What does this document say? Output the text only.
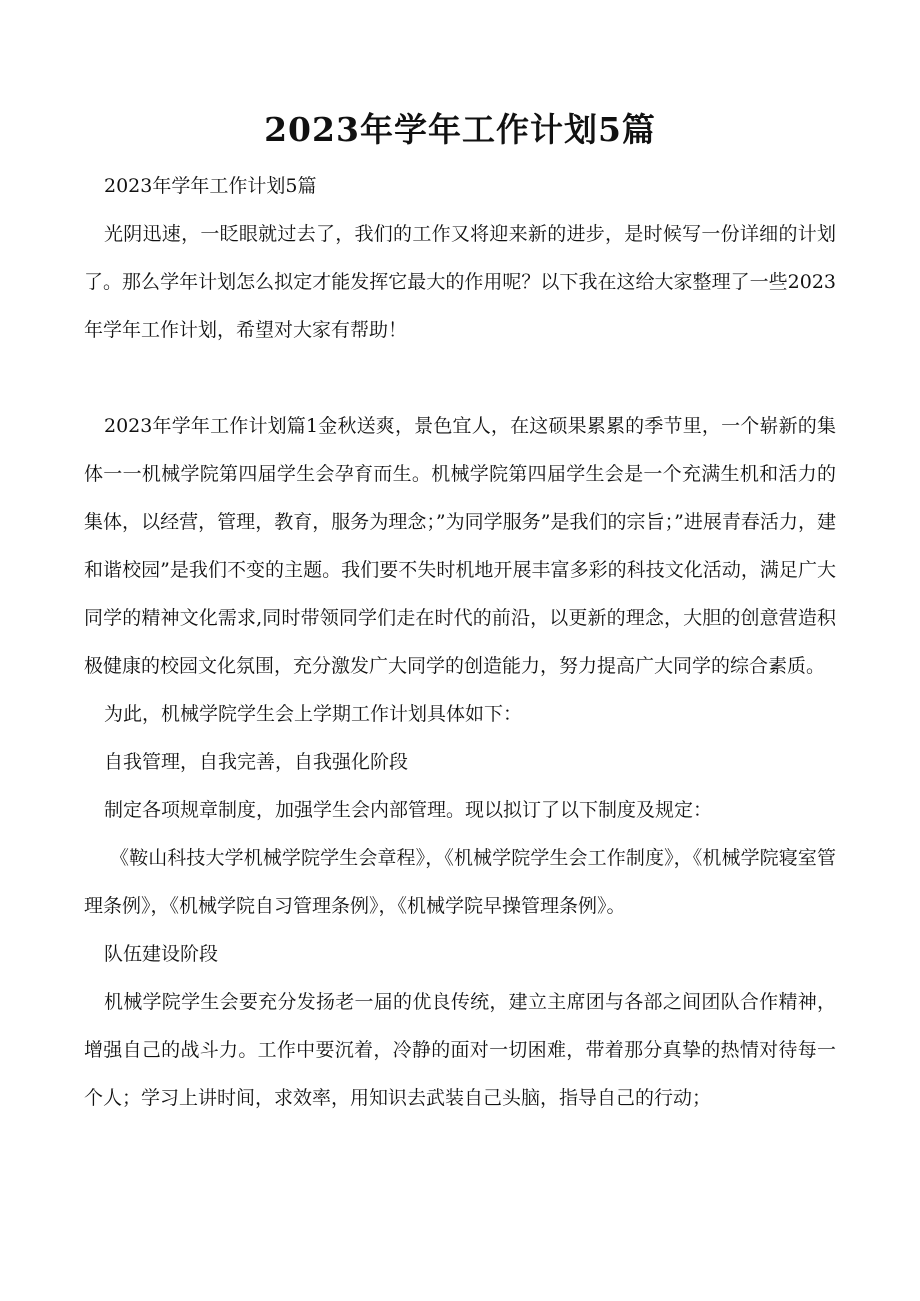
2023年学年工作计划5篇

2023年学年工作计划5篇

光阴迅速，一眨眼就过去了，我们的工作又将迎来新的进步，是时候写一份详细的计划了。那么学年计划怎么拟定才能发挥它最大的作用呢？以下我在这给大家整理了一些2023年学年工作计划，希望对大家有帮助！

2023年学年工作计划篇1金秋送爽，景色宜人，在这硕果累累的季节里，一个崭新的集体一一机械学院第四届学生会孕育而生。机械学院第四届学生会是一个充满生机和活力的集体，以经营，管理，教育，服务为理念；”为同学服务”是我们的宗旨；”进展青春活力，建和谐校园”是我们不变的主题。我们要不失时机地开展丰富多彩的科技文化活动，满足广大同学的精神文化需求,同时带领同学们走在时代的前沿，以更新的理念，大胆的创意营造积极健康的校园文化氛围，充分激发广大同学的创造能力，努力提高广大同学的综合素质。

为此，机械学院学生会上学期工作计划具体如下：

自我管理，自我完善，自我强化阶段

制定各项规章制度，加强学生会内部管理。现以拟订了以下制度及规定：

《鞍山科技大学机械学院学生会章程》，《机械学院学生会工作制度》，《机械学院寝室管理条例》，《机械学院自习管理条例》，《机械学院早操管理条例》。

队伍建设阶段

机械学院学生会要充分发扬老一届的优良传统，建立主席团与各部之间团队合作精神，增强自己的战斗力。工作中要沉着，冷静的面对一切困难，带着那分真挚的热情对待每一个人；学习上讲时间，求效率，用知识去武装自己头脑，指导自己的行动；
